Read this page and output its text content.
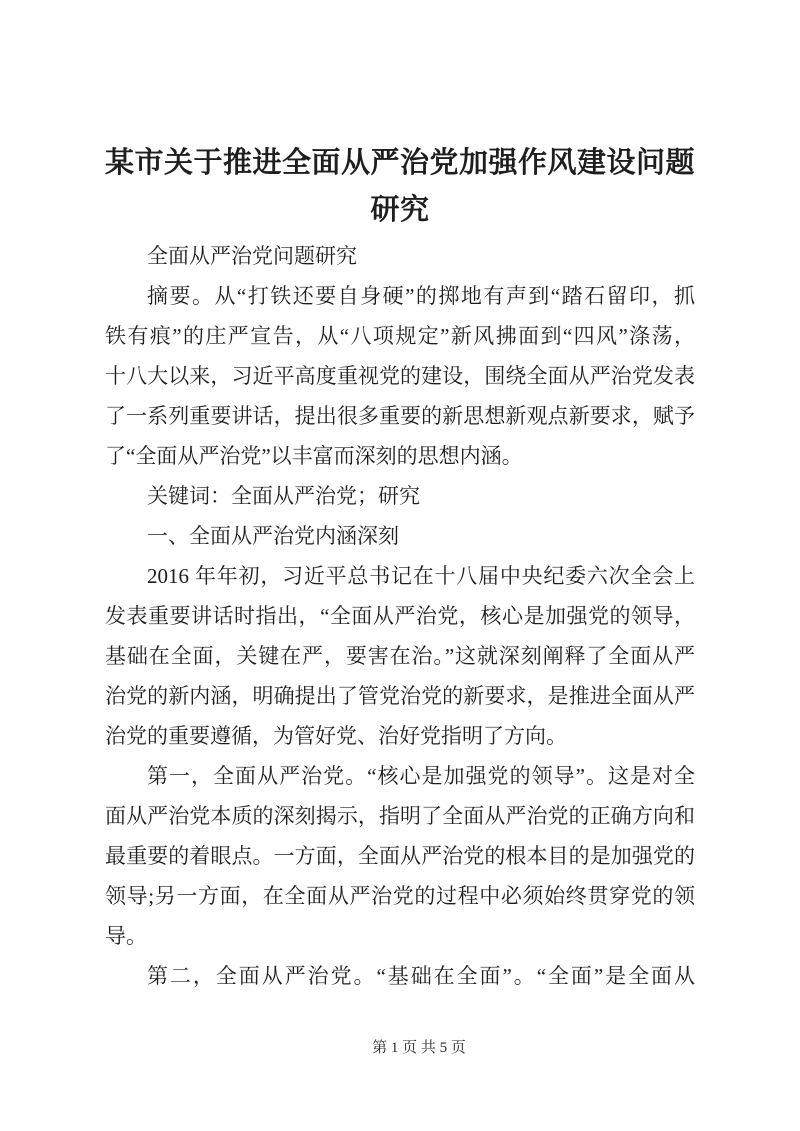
某市关于推进全面从严治党加强作风建设问题研究
全面从严治党问题研究
摘要。从“打铁还要自身硬”的掷地有声到“踏石留印，抓
铁有痕”的庄严宣告，从“八项规定”新风拂面到“四风”涤荡，
十八大以来，习近平高度重视党的建设，围绕全面从严治党发表
了一系列重要讲话，提出很多重要的新思想新观点新要求，赋予
了“全面从严治党”以丰富而深刻的思想内涵。
关键词：全面从严治党；研究
一、全面从严治党内涵深刻
2016 年年初，习近平总书记在十八届中央纪委六次全会上
发表重要讲话时指出，“全面从严治党，核心是加强党的领导，
基础在全面，关键在严，要害在治。”这就深刻阐释了全面从严
治党的新内涵，明确提出了管党治党的新要求，是推进全面从严
治党的重要遵循，为管好党、治好党指明了方向。
第一，全面从严治党。“核心是加强党的领导”。这是对全
面从严治党本质的深刻揭示，指明了全面从严治党的正确方向和
最重要的着眼点。一方面，全面从严治党的根本目的是加强党的
领导;另一方面，在全面从严治党的过程中必须始终贯穿党的领
导。
第二，全面从严治党。“基础在全面”。“全面”是全面从
第 1 页 共 5 页
